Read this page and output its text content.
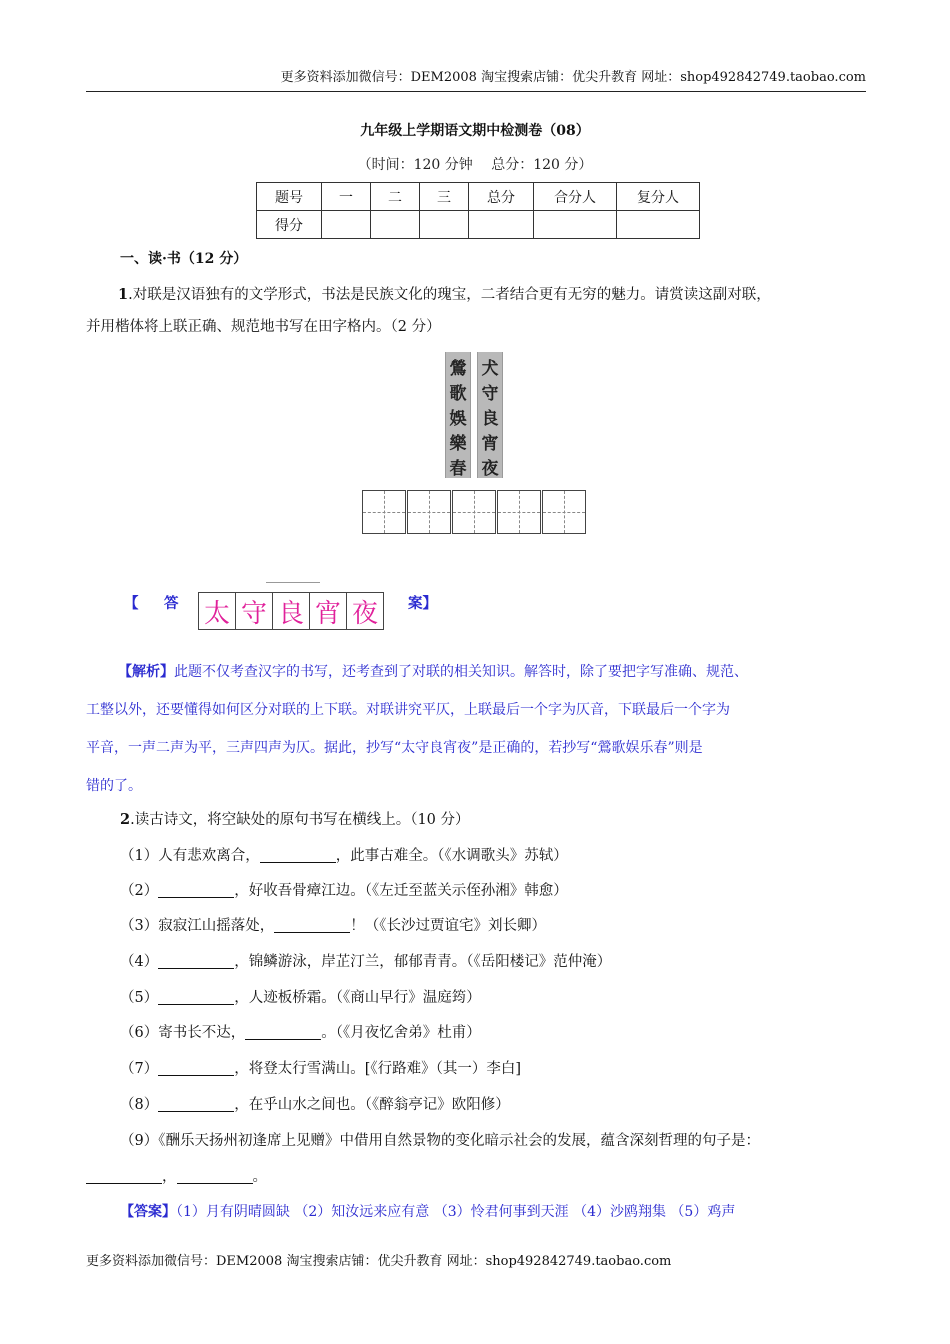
更多资料添加微信号：DEM2008 淘宝搜索店铺：优尖升教育 网址：shop492842749.taobao.com
九年级上学期语文期中检测卷（08）
（时间：120 分钟　 总分：120 分）
题号	一	二	三	总分	合分人	复分人
得分						
一、读·书（12 分）
1.对联是汉语独有的文学形式，书法是民族文化的瑰宝，二者结合更有无穷的魅力。请赏读这副对联，
并用楷体将上联正确、规范地书写在田字格内。（2 分）
鶯
歌
娛
樂
春
犬
守
良
宵
夜
【 答	案】
太 守 良 宵 夜
【解析】此题不仅考查汉字的书写，还考查到了对联的相关知识。解答时，除了要把字写准确、规范、
工整以外，还要懂得如何区分对联的上下联。对联讲究平仄，上联最后一个字为仄音，下联最后一个字为
平音，一声二声为平，三声四声为仄。据此，抄写“太守良宵夜”是正确的，若抄写“鶯歌娱乐春”则是
错的了。
2.读古诗文，将空缺处的原句书写在横线上。（10 分）
（1）人有悲欢离合，	，此事古难全。（《水调歌头》苏轼）
（2）	，好收吾骨瘴江边。（《左迁至蓝关示侄孙湘》韩愈）
（3）寂寂江山摇落处，	！（《长沙过贾谊宅》刘长卿）
（4）	，锦鳞游泳，岸芷汀兰，郁郁青青。（《岳阳楼记》范仲淹）
（5）	，人迹板桥霜。（《商山早行》温庭筠）
（6）寄书长不达，	。（《月夜忆舍弟》杜甫）
（7）	，将登太行雪满山。[《行路难》（其一）李白]
（8）	，在乎山水之间也。（《醉翁亭记》欧阳修）
（9）《酬乐天扬州初逢席上见赠》中借用自然景物的变化暗示社会的发展，蕴含深刻哲理的句子是：
，	。
【答案】（1）月有阴晴圆缺 （2）知汝远来应有意 （3）怜君何事到天涯 （4）沙鸥翔集 （5）鸡声
更多资料添加微信号：DEM2008 淘宝搜索店铺：优尖升教育 网址：shop492842749.taobao.com
